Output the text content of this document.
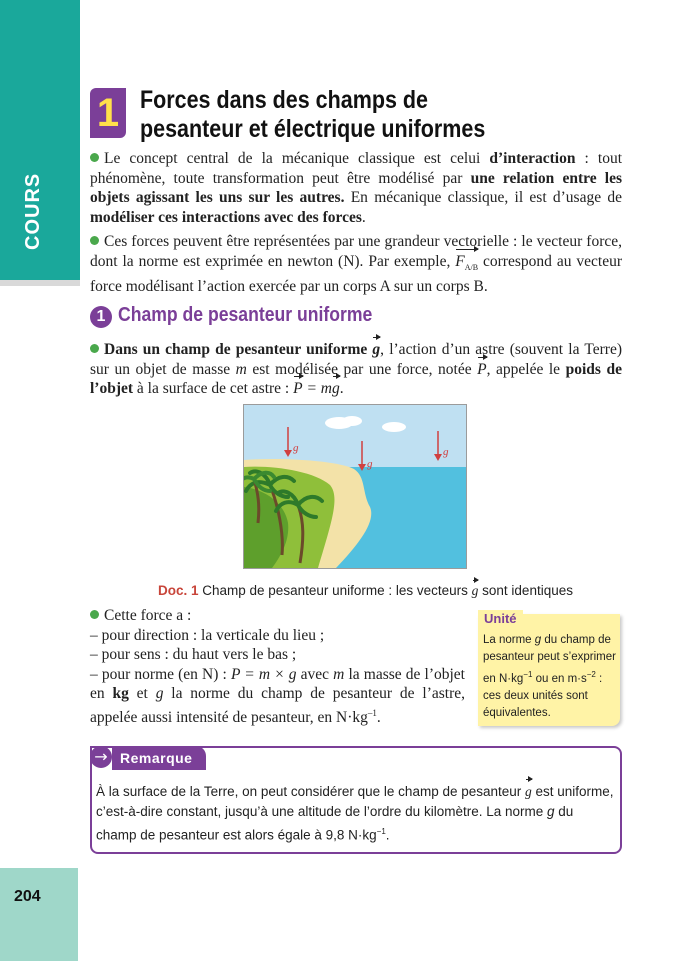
COURS
204
1 Forces dans des champs de pesanteur et électrique uniformes
Le concept central de la mécanique classique est celui d’interaction : tout phénomène, toute transformation peut être modélisé par une relation entre les objets agissant les uns sur les autres. En mécanique classique, il est d’usage de modéliser ces interactions avec des forces.
Ces forces peuvent être représentées par une grandeur vectorielle : le vecteur force, dont la norme est exprimée en newton (N). Par exemple, $F_{A/B}$ correspond au vecteur force modélisant l’action exercée par un corps A sur un corps B.
1 Champ de pesanteur uniforme
Dans un champ de pesanteur uniforme g, l’action d’un astre (souvent la Terre) sur un objet de masse m est modélisée par une force, notée P, appelée le poids de l’objet à la surface de cet astre : P = mg.
g
g
g
Doc. 1 Champ de pesanteur uniforme : les vecteurs g sont identiques
Cette force a :
– pour direction : la verticale du lieu ;
– pour sens : du haut vers le bas ;
– pour norme (en N) : P = m × g avec m la masse de l’objet en kg et g la norme du champ de pesanteur de l’astre, appelée aussi intensité de pesanteur, en $N\cdot kg^{-1}$.
Unité
La norme g du champ de pesanteur peut s’exprimer en $N\cdot kg^{-1}$ ou en $m\cdot s^{-2}$ : ces deux unités sont équivalentes.
→ Remarque
À la surface de la Terre, on peut considérer que le champ de pesanteur g est uniforme, c’est-à-dire constant, jusqu’à une altitude de l’ordre du kilomètre. La norme g du champ de pesanteur est alors égale à 9,8 $N\cdot kg^{-1}$.
